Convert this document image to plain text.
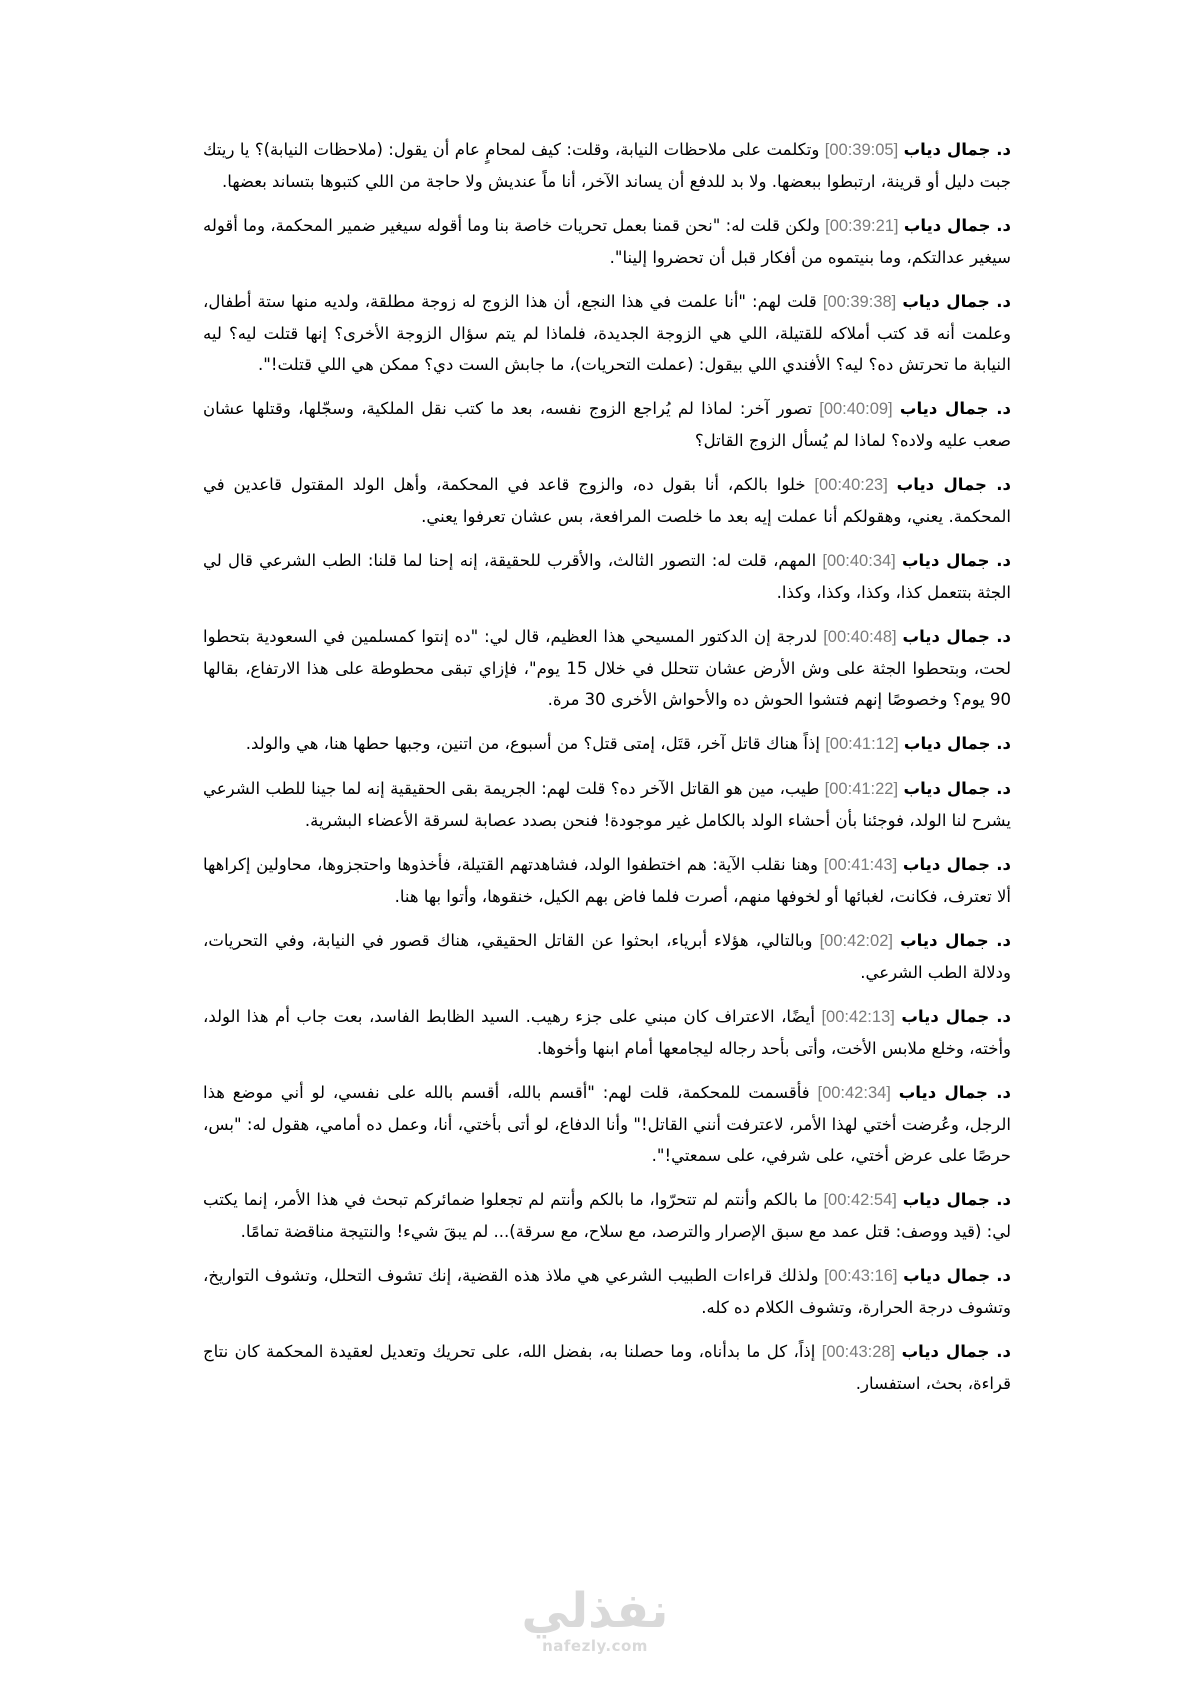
د. جمال دياب [00:39:05] وتكلمت على ملاحظات النيابة، وقلت: كيف لمحامٍ عام أن يقول: (ملاحظات النيابة)؟ يا ريتك جبت دليل أو قرينة، ارتبطوا ببعضها. ولا بد للدفع أن يساند الآخر، أنا ماً عنديش ولا حاجة من اللي كتبوها بتساند بعضها.

د. جمال دياب [00:39:21] ولكن قلت له: "نحن قمنا بعمل تحريات خاصة بنا وما أقوله سيغير ضمير المحكمة، وما أقوله سيغير عدالتكم، وما بنيتموه من أفكار قبل أن تحضروا إلينا".

د. جمال دياب [00:39:38] قلت لهم: "أنا علمت في هذا النجع، أن هذا الزوج له زوجة مطلقة، ولديه منها ستة أطفال، وعلمت أنه قد كتب أملاكه للقتيلة، اللي هي الزوجة الجديدة، فلماذا لم يتم سؤال الزوجة الأخرى؟ إنها قتلت ليه؟ ليه النيابة ما تحرتش ده؟ ليه؟ الأفندي اللي بيقول: (عملت التحريات)، ما جابش الست دي؟ ممكن هي اللي قتلت!".

د. جمال دياب [00:40:09] تصور آخر: لماذا لم يُراجع الزوج نفسه، بعد ما كتب نقل الملكية، وسجّلها، وقتلها عشان صعب عليه ولاده؟ لماذا لم يُسأل الزوج القاتل؟

د. جمال دياب [00:40:23] خلوا بالكم، أنا بقول ده، والزوج قاعد في المحكمة، وأهل الولد المقتول قاعدين في المحكمة. يعني، وهقولكم أنا عملت إيه بعد ما خلصت المرافعة، بس عشان تعرفوا يعني.

د. جمال دياب [00:40:34] المهم، قلت له: التصور الثالث، والأقرب للحقيقة، إنه إحنا لما قلنا: الطب الشرعي قال لي الجثة بتتعمل كذا، وكذا، وكذا، وكذا.

د. جمال دياب [00:40:48] لدرجة إن الدكتور المسيحي هذا العظيم، قال لي: "ده إنتوا كمسلمين في السعودية بتحطوا لحت، وبتحطوا الجثة على وش الأرض عشان تتحلل في خلال 15 يوم"، فإزاي تبقى محطوطة على هذا الارتفاع، بقالها 90 يوم؟ وخصوصًا إنهم فتشوا الحوش ده والأحواش الأخرى 30 مرة.

د. جمال دياب [00:41:12] إذاً هناك قاتل آخر، قتَل، إمتى قتل؟ من أسبوع، من اتنين، وجبها حطها هنا، هي والولد.

د. جمال دياب [00:41:22] طيب، مين هو القاتل الآخر ده؟ قلت لهم: الجريمة بقى الحقيقية إنه لما جينا للطب الشرعي يشرح لنا الولد، فوجئنا بأن أحشاء الولد بالكامل غير موجودة! فنحن بصدد عصابة لسرقة الأعضاء البشرية.

د. جمال دياب [00:41:43] وهنا نقلب الآية: هم اختطفوا الولد، فشاهدتهم القتيلة، فأخذوها واحتجزوها، محاولين إكراهها ألا تعترف، فكانت، لغبائها أو لخوفها منهم، أصرت فلما فاض بهم الكيل، خنقوها، وأتوا بها هنا.

د. جمال دياب [00:42:02] وبالتالي، هؤلاء أبرياء، ابحثوا عن القاتل الحقيقي، هناك قصور في النيابة، وفي التحريات، ودلالة الطب الشرعي.

د. جمال دياب [00:42:13] أيضًا، الاعتراف كان مبني على جزء رهيب. السيد الظابط الفاسد، بعت جاب أم هذا الولد، وأخته، وخلع ملابس الأخت، وأتى بأحد رجاله ليجامعها أمام ابنها وأخوها.

د. جمال دياب [00:42:34] فأقسمت للمحكمة، قلت لهم: "أقسم بالله، أقسم بالله على نفسي، لو أني موضع هذا الرجل، وعُرضت أختي لهذا الأمر، لاعترفت أنني القاتل!" وأنا الدفاع، لو أتى بأختي، أنا، وعمل ده أمامي، هقول له: "بس، حرصًا على عرض أختي، على شرفي، على سمعتي!".

د. جمال دياب [00:42:54] ما بالكم وأنتم لم تتحرّوا، ما بالكم وأنتم لم تجعلوا ضمائركم تبحث في هذا الأمر، إنما يكتب لي: (قيد ووصف: قتل عمد مع سبق الإصرار والترصد، مع سلاح، مع سرقة)... لم يبقَ شيء! والنتيجة مناقضة تمامًا.

د. جمال دياب [00:43:16] ولذلك قراءات الطبيب الشرعي هي ملاذ هذه القضية، إنك تشوف التحلل، وتشوف التواريخ، وتشوف درجة الحرارة، وتشوف الكلام ده كله.

د. جمال دياب [00:43:28] إذاً، كل ما بدأناه، وما حصلنا به، بفضل الله، على تحريك وتعديل لعقيدة المحكمة كان نتاج قراءة، بحث، استفسار.

نفذلي
nafezly.com
